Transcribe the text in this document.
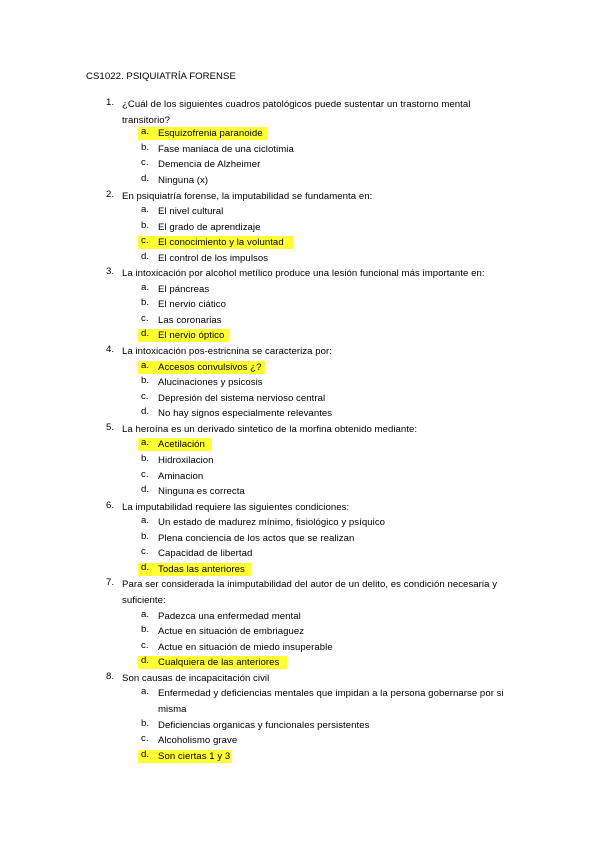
CS1022. PSIQUIATRÍA FORENSE
1. ¿Cuál de los siguientes cuadros patológicos puede sustentar un trastorno mental transitorio?
a. Esquizofrenia paranoide
b. Fase maniaca de una ciclotimia
c. Demencia de Alzheimer
d. Ninguna (x)
2. En psiquiatría forense, la imputabilidad se fundamenta en:
a. El nivel cultural
b. El grado de aprendizaje
c. El conocimiento y la voluntad
d. El control de los impulsos
3. La intoxicación por alcohol metílico produce una lesión funcional más importante en:
a. El páncreas
b. El nervio ciático
c. Las coronarias
d. El nervio óptico
4. La intoxicación pos-estricnina se caracteriza por:
a. Accesos convulsivos ¿?
b. Alucinaciones y psicosis
c. Depresión del sistema nervioso central
d. No hay signos especialmente relevantes
5. La heroína es un derivado sintetico de la morfina obtenido mediante:
a. Acetilación
b. Hidroxilacion
c. Aminacion
d. Ninguna es correcta
6. La imputabilidad requiere las siguientes condiciones:
a. Un estado de madurez mínimo, fisiológico y psíquico
b. Plena conciencia de los actos que se realizan
c. Capacidad de libertad
d. Todas las anteriores
7. Para ser considerada la inimputabilidad del autor de un delito, es condición necesaria y suficiente:
a. Padezca una enfermedad mental
b. Actue en situación de embriaguez
c. Actue en situación de miedo insuperable
d. Cualquiera de las anteriores
8. Son causas de incapacitación civil
a. Enfermedad y deficiencias mentales que impidan a la persona gobernarse por si misma
b. Deficiencias organicas y funcionales persistentes
c. Alcoholismo grave
d. Son ciertas 1 y 3
